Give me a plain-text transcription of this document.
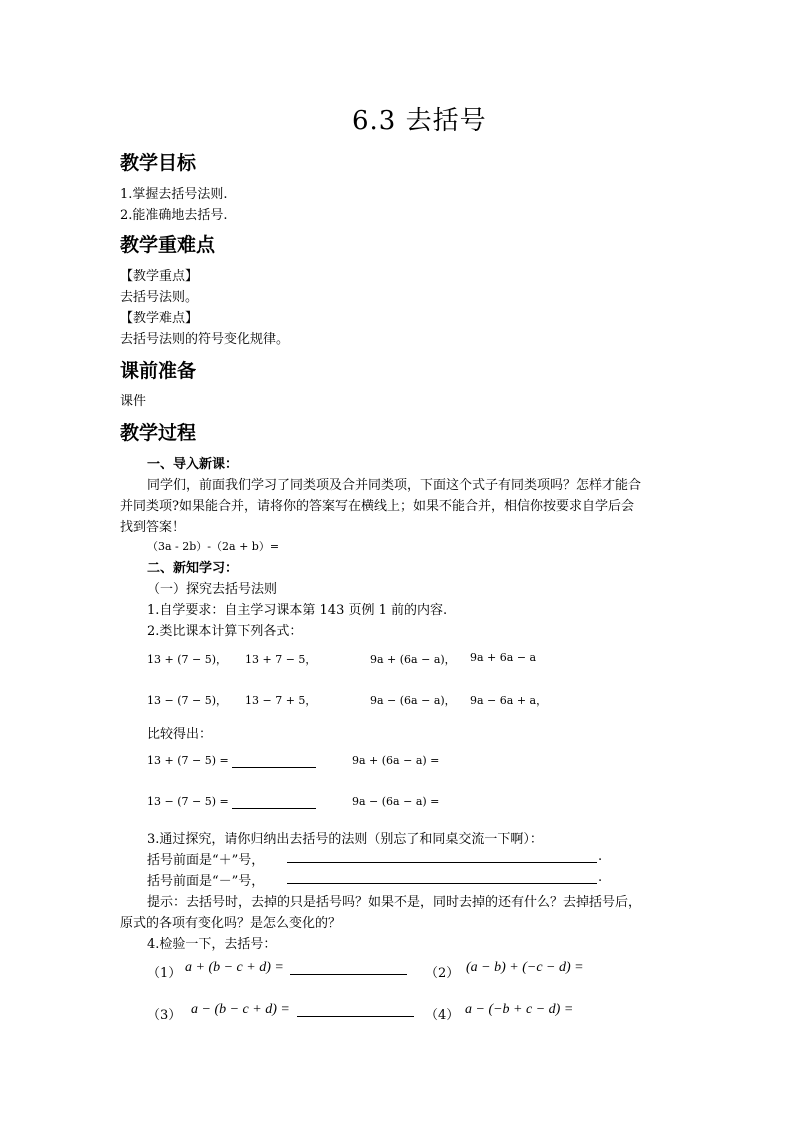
6.3 去括号
教学目标
1.掌握去括号法则.
2.能准确地去括号.
教学重难点
【教学重点】
去括号法则。
【教学难点】
去括号法则的符号变化规律。
课前准备
课件
教学过程
一、导入新课：
同学们，前面我们学习了同类项及合并同类项，下面这个式子有同类项吗？怎样才能合
并同类项?如果能合并，请将你的答案写在横线上；如果不能合并，相信你按要求自学后会
找到答案！
（3a - 2b）-（2a + b）=
二、新知学习：
（一）探究去括号法则
1.自学要求：自主学习课本第 143 页例 1 前的内容.
2.类比课本计算下列各式：
13 + (7 − 5)， 13 + 7 − 5，	9a + (6a − a)， 9a + 6a − a
13 − (7 − 5)， 13 − 7 + 5，	9a − (6a − a)， 9a − 6a + a，
比较得出：
13 + (7 − 5) =	9a + (6a − a) =
13 − (7 − 5) =	9a − (6a − a) =
3.通过探究，请你归纳出去括号的法则（别忘了和同桌交流一下啊）：
括号前面是“＋”号，	.
括号前面是“－”号，	.
提示：去括号时，去掉的只是括号吗？如果不是，同时去掉的还有什么？去掉括号后，
原式的各项有变化吗？是怎么变化的？
4.检验一下，去括号：
（1） a + (b − c + d) =	（2） (a − b) + (−c − d) =
（3） a − (b − c + d) =	（4） a − (−b + c − d) =
